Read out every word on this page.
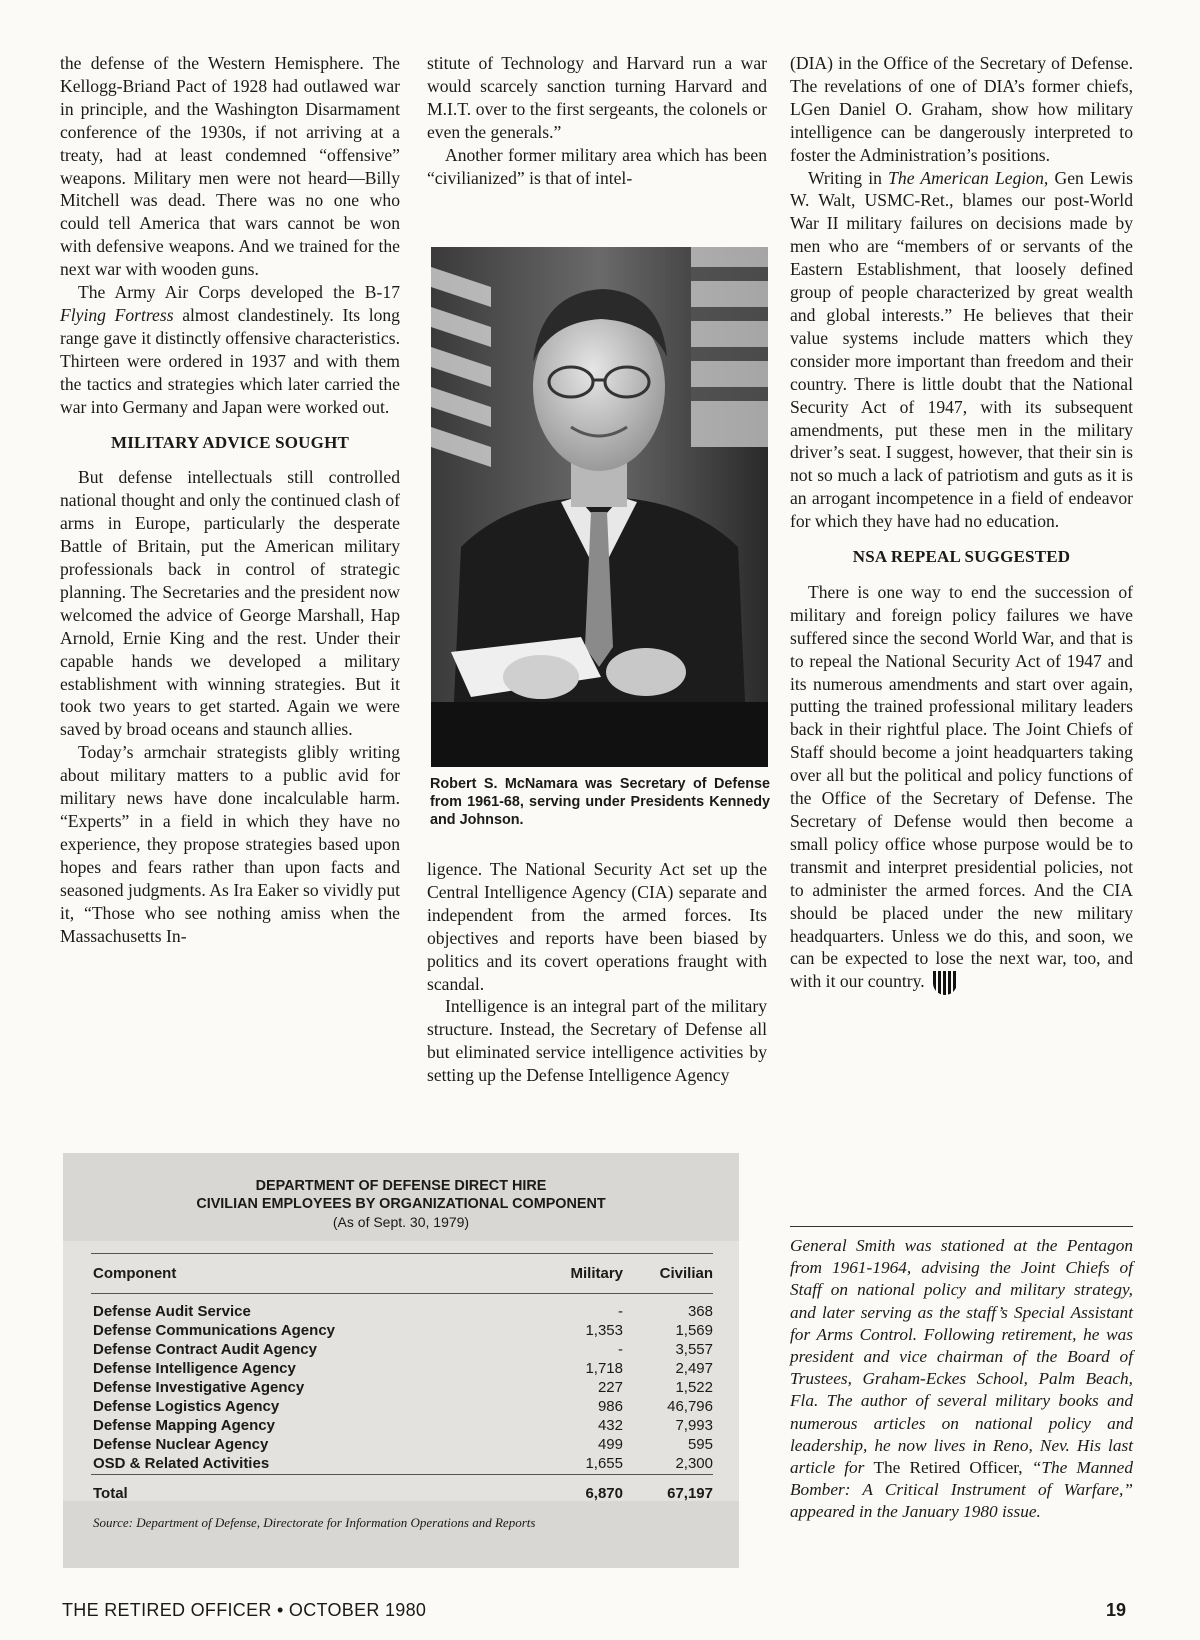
the defense of the Western Hemisphere. The Kellogg-Briand Pact of 1928 had outlawed war in principle, and the Washington Disarmament conference of the 1930s, if not arriving at a treaty, had at least condemned “offensive” weapons. Military men were not heard—Billy Mitchell was dead. There was no one who could tell America that wars cannot be won with defensive weapons. And we trained for the next war with wooden guns.

The Army Air Corps developed the B-17 Flying Fortress almost clandestinely. Its long range gave it distinctly offensive characteristics. Thirteen were ordered in 1937 and with them the tactics and strategies which later carried the war into Germany and Japan were worked out.

MILITARY ADVICE SOUGHT

But defense intellectuals still controlled national thought and only the continued clash of arms in Europe, particularly the desperate Battle of Britain, put the American military professionals back in control of strategic planning. The Secretaries and the president now welcomed the advice of George Marshall, Hap Arnold, Ernie King and the rest. Under their capable hands we developed a military establishment with winning strategies. But it took two years to get started. Again we were saved by broad oceans and staunch allies.

Today’s armchair strategists glibly writing about military matters to a public avid for military news have done incalculable harm. “Experts” in a field in which they have no experience, they propose strategies based upon hopes and fears rather than upon facts and seasoned judgments. As Ira Eaker so vividly put it, “Those who see nothing amiss when the Massachusetts In-

stitute of Technology and Harvard run a war would scarcely sanction turning Harvard and M.I.T. over to the first sergeants, the colonels or even the generals.”

Another former military area which has been “civilianized” is that of intel-

Robert S. McNamara was Secretary of Defense from 1961-68, serving under Presidents Kennedy and Johnson.

ligence. The National Security Act set up the Central Intelligence Agency (CIA) separate and independent from the armed forces. Its objectives and reports have been biased by politics and its covert operations fraught with scandal.

Intelligence is an integral part of the military structure. Instead, the Secretary of Defense all but eliminated service intelligence activities by setting up the Defense Intelligence Agency

(DIA) in the Office of the Secretary of Defense. The revelations of one of DIA’s former chiefs, LGen Daniel O. Graham, show how military intelligence can be dangerously interpreted to foster the Administration’s positions.

Writing in The American Legion, Gen Lewis W. Walt, USMC-Ret., blames our post-World War II military failures on decisions made by men who are “members of or servants of the Eastern Establishment, that loosely defined group of people characterized by great wealth and global interests.” He believes that their value systems include matters which they consider more important than freedom and their country. There is little doubt that the National Security Act of 1947, with its subsequent amendments, put these men in the military driver’s seat. I suggest, however, that their sin is not so much a lack of patriotism and guts as it is an arrogant incompetence in a field of endeavor for which they have had no education.

NSA REPEAL SUGGESTED

There is one way to end the succession of military and foreign policy failures we have suffered since the second World War, and that is to repeal the National Security Act of 1947 and its numerous amendments and start over again, putting the trained professional military leaders back in their rightful place. The Joint Chiefs of Staff should become a joint headquarters taking over all but the political and policy functions of the Office of the Secretary of Defense. The Secretary of Defense would then become a small policy office whose purpose would be to transmit and interpret presidential policies, not to administer the armed forces. And the CIA should be placed under the new military headquarters. Unless we do this, and soon, we can be expected to lose the next war, too, and with it our country.

General Smith was stationed at the Pentagon from 1961-1964, advising the Joint Chiefs of Staff on national policy and military strategy, and later serving as the staff’s Special Assistant for Arms Control. Following retirement, he was president and vice chairman of the Board of Trustees, Graham-Eckes School, Palm Beach, Fla. The author of several military books and numerous articles on national policy and leadership, he now lives in Reno, Nev. His last article for The Retired Officer, “The Manned Bomber: A Critical Instrument of Warfare,” appeared in the January 1980 issue.
DEPARTMENT OF DEFENSE DIRECT HIRE
CIVILIAN EMPLOYEES BY ORGANIZATIONAL COMPONENT
(As of Sept. 30, 1979)
Component	Military	Civilian
Defense Audit Service	-	368
Defense Communications Agency	1,353	1,569
Defense Contract Audit Agency	-	3,557
Defense Intelligence Agency	1,718	2,497
Defense Investigative Agency	227	1,522
Defense Logistics Agency	986	46,796
Defense Mapping Agency	432	7,993
Defense Nuclear Agency	499	595
OSD & Related Activities	1,655	2,300
Total	6,870	67,197
Source: Department of Defense, Directorate for Information Operations and Reports
THE RETIRED OFFICER • OCTOBER 1980	19
